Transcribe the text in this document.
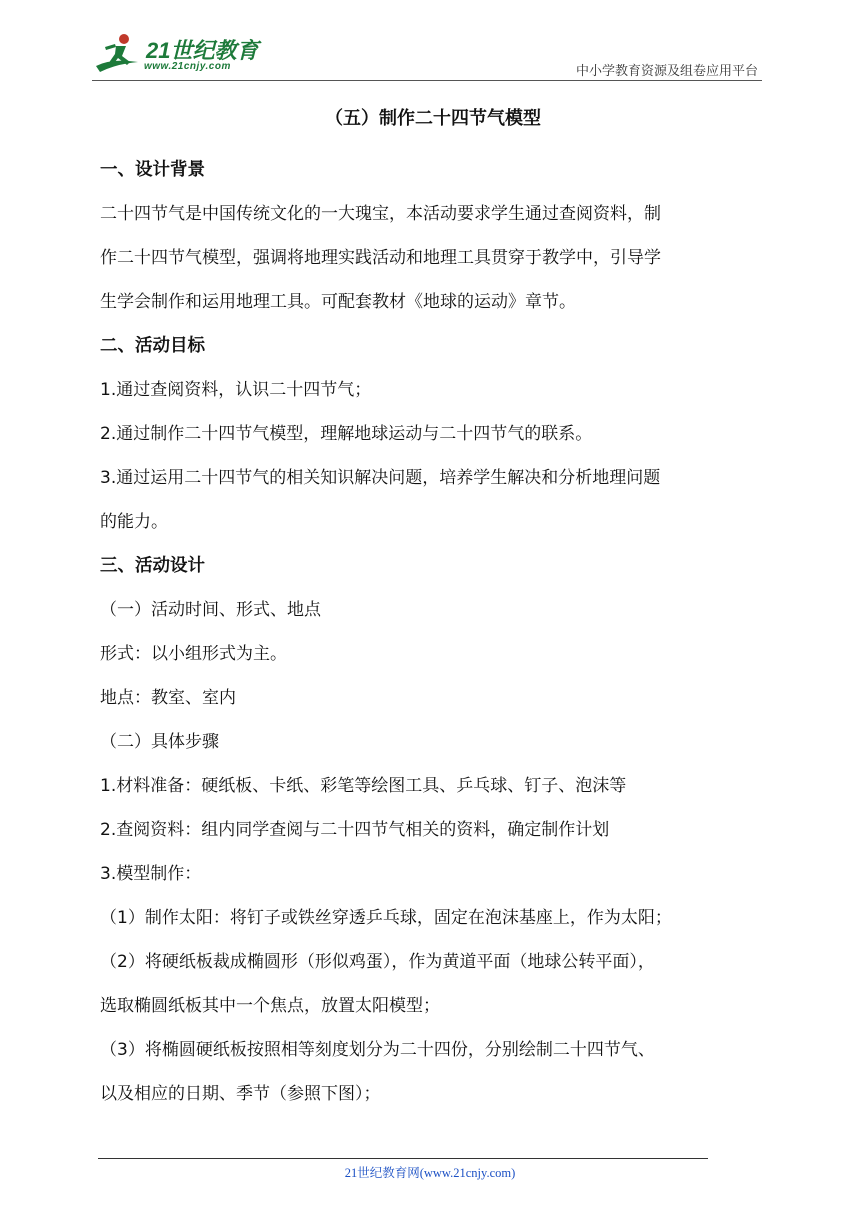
21世纪教育
www.21cnjy.com	中小学教育资源及组卷应用平台
（五）制作二十四节气模型
一、设计背景
二十四节气是中国传统文化的一大瑰宝，本活动要求学生通过查阅资料，制
作二十四节气模型，强调将地理实践活动和地理工具贯穿于教学中，引导学
生学会制作和运用地理工具。可配套教材《地球的运动》章节。
二、活动目标
1.通过查阅资料，认识二十四节气；
2.通过制作二十四节气模型，理解地球运动与二十四节气的联系。
3.通过运用二十四节气的相关知识解决问题，培养学生解决和分析地理问题
的能力。
三、活动设计
（一）活动时间、形式、地点
形式：以小组形式为主。
地点：教室、室内
（二）具体步骤
1.材料准备：硬纸板、卡纸、彩笔等绘图工具、乒乓球、钉子、泡沫等
2.查阅资料：组内同学查阅与二十四节气相关的资料，确定制作计划
3.模型制作：
（1）制作太阳：将钉子或铁丝穿透乒乓球，固定在泡沫基座上，作为太阳；
（2）将硬纸板裁成椭圆形（形似鸡蛋），作为黄道平面（地球公转平面），
选取椭圆纸板其中一个焦点，放置太阳模型；
（3）将椭圆硬纸板按照相等刻度划分为二十四份，分别绘制二十四节气、
以及相应的日期、季节（参照下图）；
21世纪教育网(www.21cnjy.com)
